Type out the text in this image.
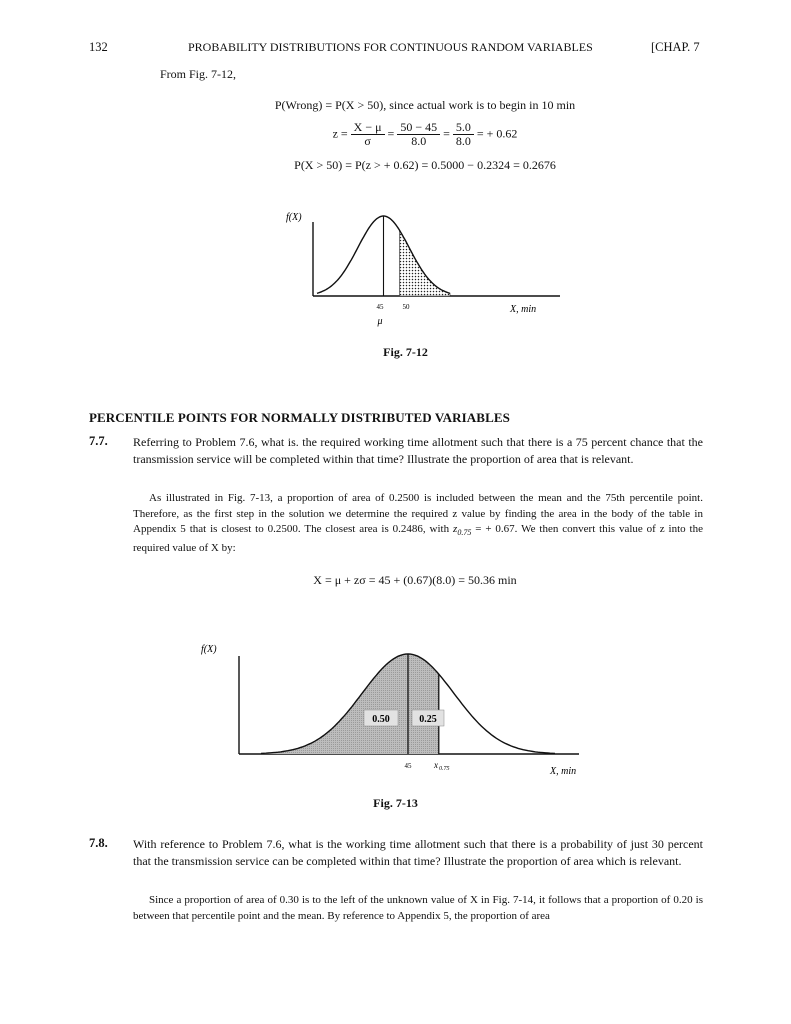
132	PROBABILITY DISTRIBUTIONS FOR CONTINUOUS RANDOM VARIABLES	[CHAP. 7
From Fig. 7-12,
P(Wrong) = P(X > 50), since actual work is to begin in 10 min
$z = \frac{X - \mu}{\sigma} = \frac{50 - 45}{8.0} = \frac{5.0}{8.0}$ = + 0.62
P(X > 50) = P(z > + 0.62) = 0.5000 − 0.2324 = 0.2676
f(X)
45	50
μ
X, min
Fig. 7-12
PERCENTILE POINTS FOR NORMALLY DISTRIBUTED VARIABLES
7.7. Referring to Problem 7.6, what is. the required working time allotment such that there is a 75 percent chance that the transmission service will be completed within that time? Illustrate the proportion of area that is relevant.
As illustrated in Fig. 7-13, a proportion of area of 0.2500 is included between the mean and the 75th percentile point. Therefore, as the first step in the solution we determine the required z value by finding the area in the body of the table in Appendix 5 that is closest to 0.2500. The closest area is 0.2486, with $z_{0.75}$ = + 0.67. We then convert this value of z into the required value of X by:
X = μ + zσ = 45 + (0.67)(8.0) = 50.36 min
0.50	0.25
f(X)
45	$x_{0.75}$	X, min
Fig. 7-13
7.8. With reference to Problem 7.6, what is the working time allotment such that there is a probability of just 30 percent that the transmission service can be completed within that time? Illustrate the proportion of area which is relevant.
Since a proportion of area of 0.30 is to the left of the unknown value of X in Fig. 7-14, it follows that a proportion of 0.20 is between that percentile point and the mean. By reference to Appendix 5, the proportion of area
